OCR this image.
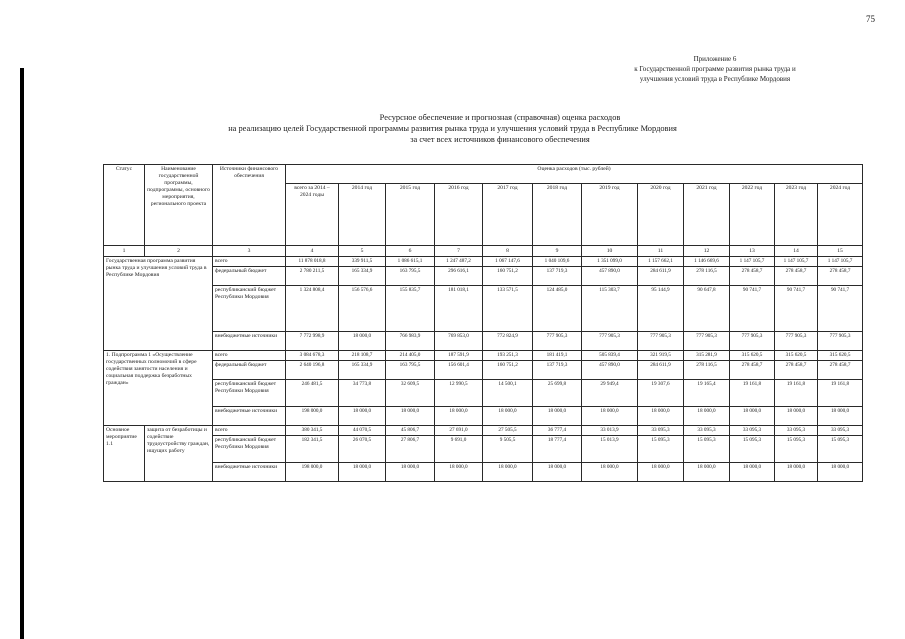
75
Приложение 6
к Государственной программе развития рынка труда и
улучшения условий труда в Республике Мордовия
Ресурсное обеспечение и прогнозная (справочная) оценка расходов
на реализацию целей Государственной программы развития рынка труда и улучшения условий труда в Республике Мордовия
за счет всех источников финансового обеспечения
Статус	Наименование государственной программы, подпрограммы, основного мероприятия, регионального проекта	Источники финансового обеспечения	Оценка расходов (тыс. рублей)											
			всего за 2014 – 2024 годы	2014 год	2015 год	2016 год	2017 год	2018 год	2019 год	2020 год	2021 год	2022 год	2023 год	2024 год
1	2	3	4	5	6	7	8	9	10	11	12	13	14	15
Государственная программа развития рынка труда и улучшения условий труда в Республике Мордовия		всего	11 878 018,8	339 911,5	1 086 615,1	1 247 487,2	1 067 147,6	1 040 109,6	1 351 099,0	1 157 662,1	1 146 669,6	1 147 105,7	1 147 105,7	1 147 105,7
		федеральный бюджет	2 780 211,5	165 334,9	163 795,5	296 616,1	160 751,2	137 719,3	457 890,0	284 611,9	278 116,5	278 458,7	278 458,7	278 458,7
		республиканский бюджет Республики Мордовия	1 324 808,4	156 576,6	155 835,7	181 018,1	133 571,5	124 485,0	115 303,7	95 144,9	90 647,8	90 741,7	90 741,7	90 741,7
		внебюджетные источники	7 772 998,9	18 000,0	766 983,9	769 853,0	772 824,9	777 905,3	777 905,3	777 905,3	777 905,3	777 905,3	777 905,3	777 905,3
1. Подпрограмма 1 «Осуществление государственных полномочий в сфере содействия занятости населения и социальная поддержка безработных граждан»		всего	3 084 678,3	218 108,7	214 405,0	187 591,9	193 251,3	181 419,1	505 839,4	321 919,5	315 281,9	315 620,5	315 620,5	315 620,5
		федеральный бюджет	2 640 196,8	165 334,9	163 795,5	156 601,4	160 751,2	137 719,3	457 890,0	284 611,9	278 116,5	278 458,7	278 458,7	278 458,7
		республиканский бюджет Республики Мордовия	246 481,5	34 773,8	32 609,5	12 990,5	14 500,1	25 699,8	29 949,4	19 307,6	19 165,4	19 161,8	19 161,8	19 161,8
		внебюджетные источники	198 000,0	18 000,0	18 000,0	18 000,0	18 000,0	18 000,0	18 000,0	18 000,0	18 000,0	18 000,0	18 000,0	18 000,0
Основное мероприятие 1.1	защита от безработицы и содействие трудоустройству граждан, ищущих работу	всего	380 341,5	44 070,5	45 806,7	27 691,0	27 505,5	36 777,4	33 013,9	33 095,3	33 095,3	33 095,3	33 095,3	33 095,3
		республиканский бюджет Республики Мордовия	182 341,5	26 070,5	27 806,7	9 691,0	9 505,5	18 777,4	15 013,9	15 095,3	15 095,3	15 095,3	15 095,3	15 095,3
		внебюджетные источники	198 000,0	18 000,0	18 000,0	18 000,0	18 000,0	18 000,0	18 000,0	18 000,0	18 000,0	18 000,0	18 000,0	18 000,0
